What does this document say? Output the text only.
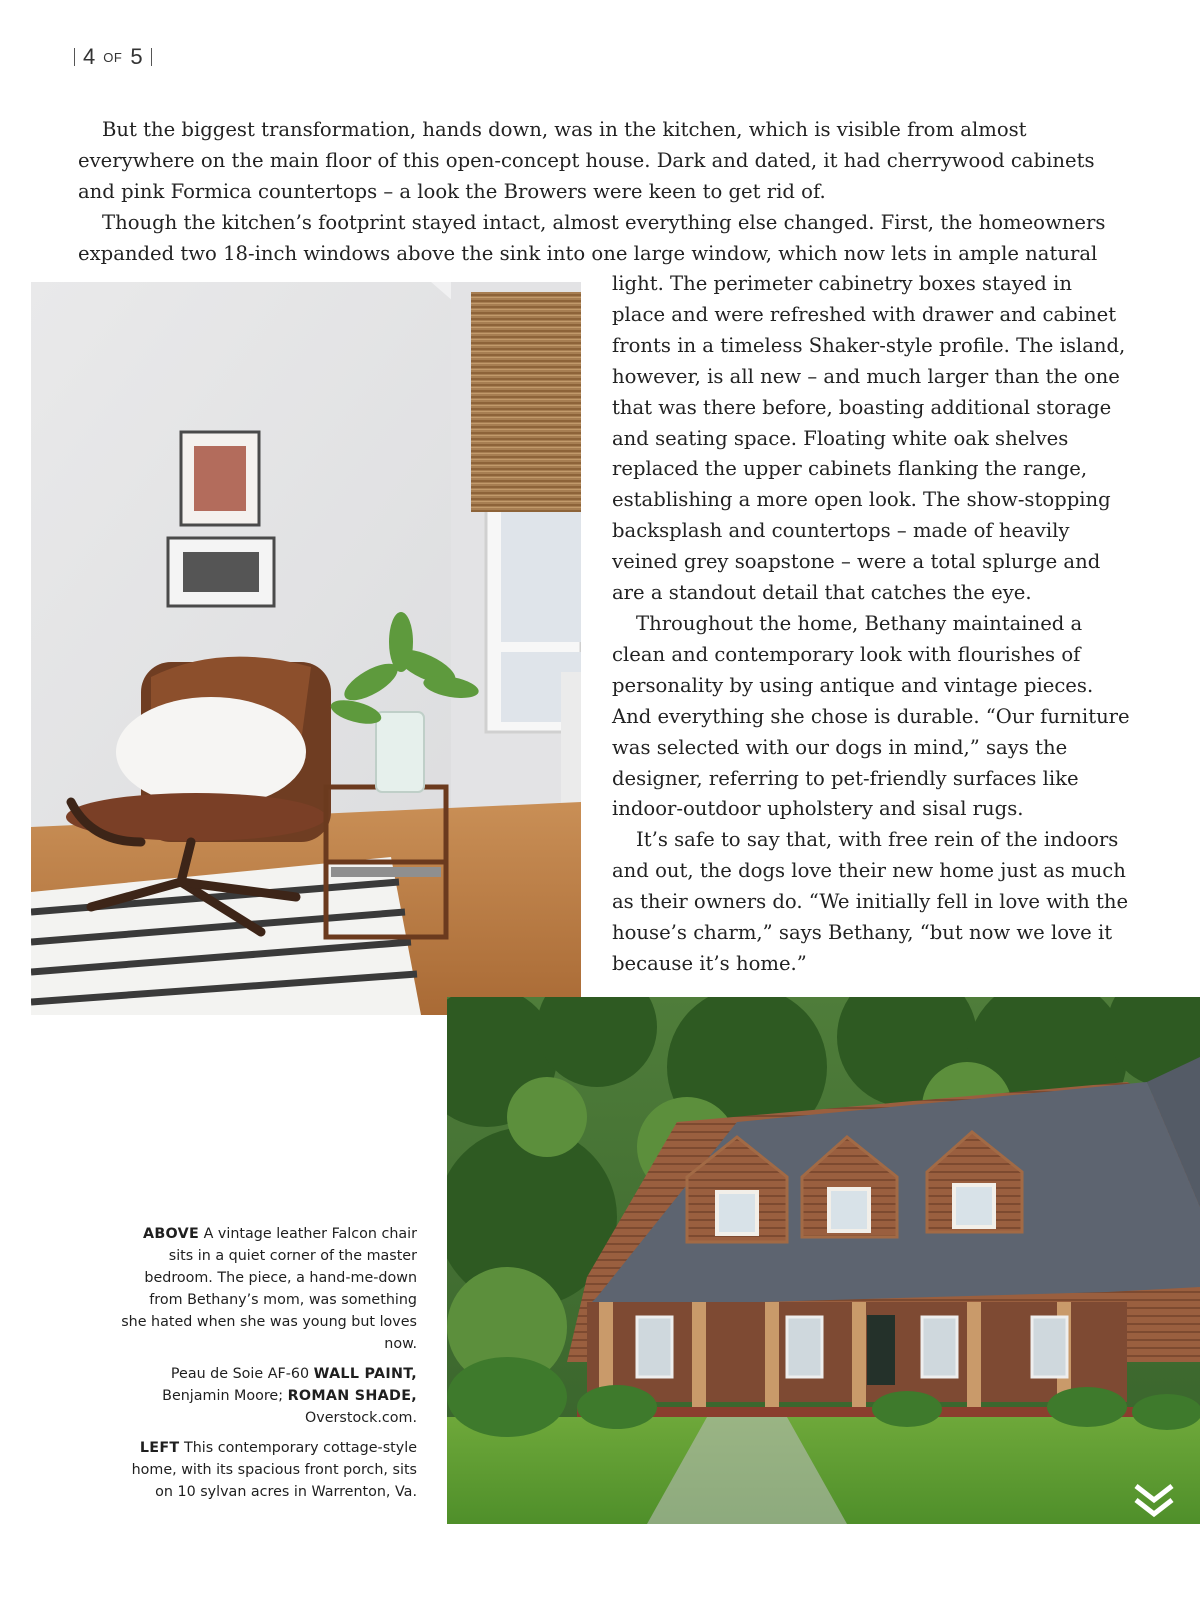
4 OF 5

But the biggest transformation, hands down, was in the kitchen, which is visible from almost everywhere on the main floor of this open-concept house. Dark and dated, it had cherrywood cabinets and pink Formica countertops – a look the Browers were keen to get rid of.

Though the kitchen’s footprint stayed intact, almost everything else changed. First, the homeowners expanded two 18-inch windows above the sink into one large window, which now lets in ample natural

light. The perimeter cabinetry boxes stayed in place and were refreshed with drawer and cabinet fronts in a timeless Shaker-style profile. The island, however, is all new – and much larger than the one that was there before, boasting additional storage and seating space. Floating white oak shelves replaced the upper cabinets flanking the range, establishing a more open look. The show-stopping backsplash and countertops – made of heavily veined grey soapstone – were a total splurge and are a standout detail that catches the eye.

Throughout the home, Bethany maintained a clean and contemporary look with flourishes of personality by using antique and vintage pieces. And everything she chose is durable. “Our furniture was selected with our dogs in mind,” says the designer, referring to pet-friendly surfaces like indoor-outdoor upholstery and sisal rugs.

It’s safe to say that, with free rein of the indoors and out, the dogs love their new home just as much as their owners do. “We initially fell in love with the house’s charm,” says Bethany, “but now we love it because it’s home.”

ABOVE A vintage leather Falcon chair sits in a quiet corner of the master bedroom. The piece, a hand-me-down from Bethany’s mom, was something she hated when she was young but loves now.

Peau de Soie AF-60 WALL PAINT, Benjamin Moore; ROMAN SHADE, Overstock.com.

LEFT This contemporary cottage-style home, with its spacious front porch, sits on 10 sylvan acres in Warrenton, Va.
